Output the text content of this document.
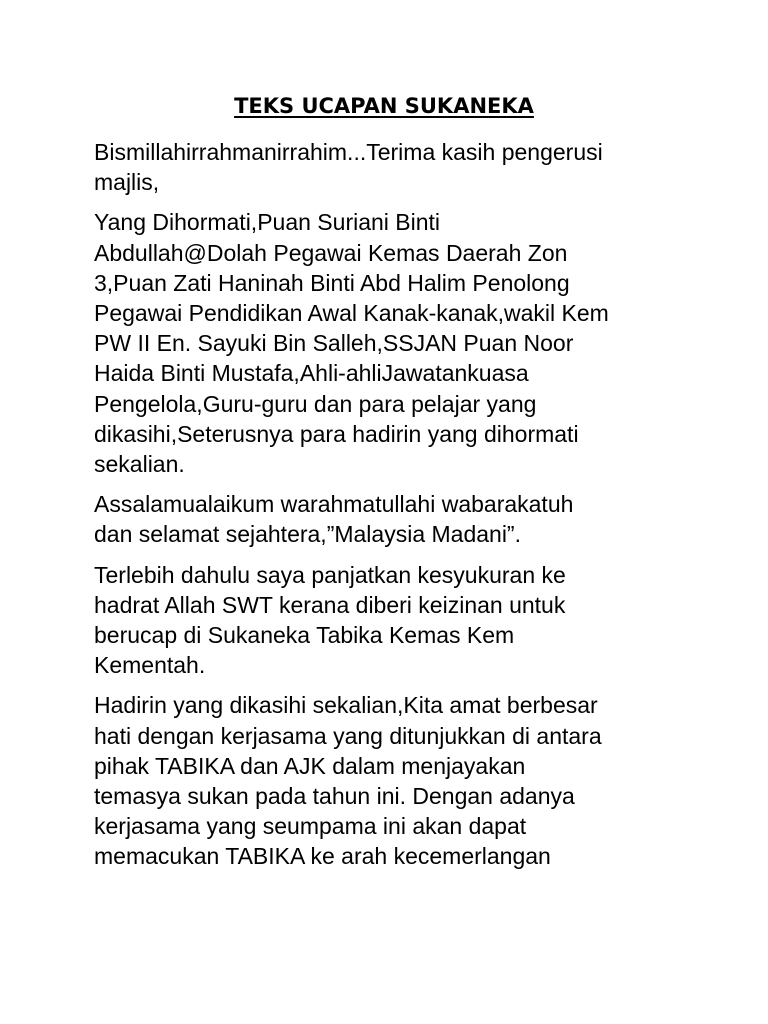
TEKS UCAPAN SUKANEKA

Bismillahirrahmanirrahim...Terima kasih pengerusi
majlis,

Yang Dihormati,Puan Suriani Binti
Abdullah@Dolah Pegawai Kemas Daerah Zon
3,Puan Zati Haninah Binti Abd Halim Penolong
Pegawai Pendidikan Awal Kanak-kanak,wakil Kem
PW II En. Sayuki Bin Salleh,SSJAN Puan Noor
Haida Binti Mustafa,Ahli-ahliJawatankuasa
Pengelola,Guru-guru dan para pelajar yang
dikasihi,Seterusnya para hadirin yang dihormati
sekalian.

Assalamualaikum warahmatullahi wabarakatuh
dan selamat sejahtera,”Malaysia Madani”.

Terlebih dahulu saya panjatkan kesyukuran ke
hadrat Allah SWT kerana diberi keizinan untuk
berucap di Sukaneka Tabika Kemas Kem
Kementah.

Hadirin yang dikasihi sekalian,Kita amat berbesar
hati dengan kerjasama yang ditunjukkan di antara
pihak TABIKA dan AJK dalam menjayakan
temasya sukan pada tahun ini. Dengan adanya
kerjasama yang seumpama ini akan dapat
memacukan TABIKA ke arah kecemerlangan
